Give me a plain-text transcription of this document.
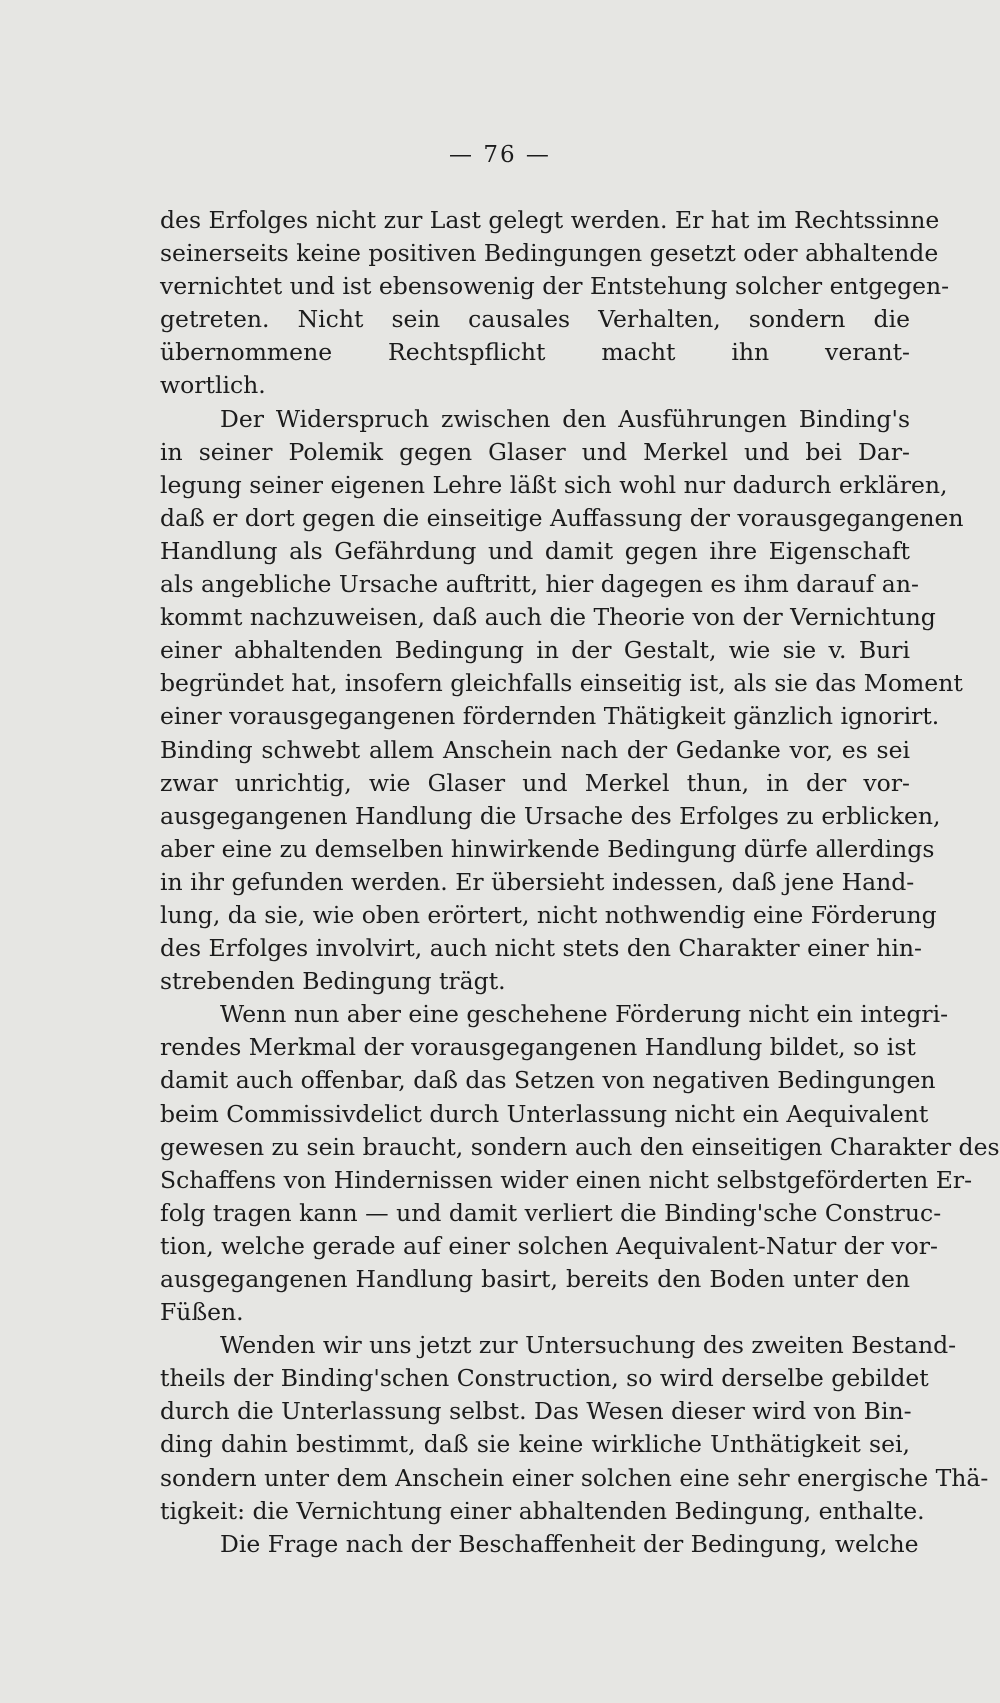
— 76 —
des Erfolges nicht zur Last gelegt werden. Er hat im Rechtssinne
seinerseits keine positiven Bedingungen gesetzt oder abhaltende
vernichtet und ist ebensowenig der Entstehung solcher entgegen-
getreten. Nicht sein causales Verhalten, sondern die
übernommene Rechtspflicht macht ihn verant-
wortlich.
Der Widerspruch zwischen den Ausführungen Binding's
in seiner Polemik gegen Glaser und Merkel und bei Dar-
legung seiner eigenen Lehre läßt sich wohl nur dadurch erklären,
daß er dort gegen die einseitige Auffassung der vorausgegangenen
Handlung als Gefährdung und damit gegen ihre Eigenschaft
als angebliche Ursache auftritt, hier dagegen es ihm darauf an-
kommt nachzuweisen, daß auch die Theorie von der Vernichtung
einer abhaltenden Bedingung in der Gestalt, wie sie v. Buri
begründet hat, insofern gleichfalls einseitig ist, als sie das Moment
einer vorausgegangenen fördernden Thätigkeit gänzlich ignorirt.
Binding schwebt allem Anschein nach der Gedanke vor, es sei
zwar unrichtig, wie Glaser und Merkel thun, in der vor-
ausgegangenen Handlung die Ursache des Erfolges zu erblicken,
aber eine zu demselben hinwirkende Bedingung dürfe allerdings
in ihr gefunden werden. Er übersieht indessen, daß jene Hand-
lung, da sie, wie oben erörtert, nicht nothwendig eine Förderung
des Erfolges involvirt, auch nicht stets den Charakter einer hin-
strebenden Bedingung trägt.
Wenn nun aber eine geschehene Förderung nicht ein integri-
rendes Merkmal der vorausgegangenen Handlung bildet, so ist
damit auch offenbar, daß das Setzen von negativen Bedingungen
beim Commissivdelict durch Unterlassung nicht ein Aequivalent
gewesen zu sein braucht, sondern auch den einseitigen Charakter des
Schaffens von Hindernissen wider einen nicht selbstgeförderten Er-
folg tragen kann — und damit verliert die Binding'sche Construc-
tion, welche gerade auf einer solchen Aequivalent-Natur der vor-
ausgegangenen Handlung basirt, bereits den Boden unter den
Füßen.
Wenden wir uns jetzt zur Untersuchung des zweiten Bestand-
theils der Binding'schen Construction, so wird derselbe gebildet
durch die Unterlassung selbst. Das Wesen dieser wird von Bin-
ding dahin bestimmt, daß sie keine wirkliche Unthätigkeit sei,
sondern unter dem Anschein einer solchen eine sehr energische Thä-
tigkeit: die Vernichtung einer abhaltenden Bedingung, enthalte.
Die Frage nach der Beschaffenheit der Bedingung, welche
